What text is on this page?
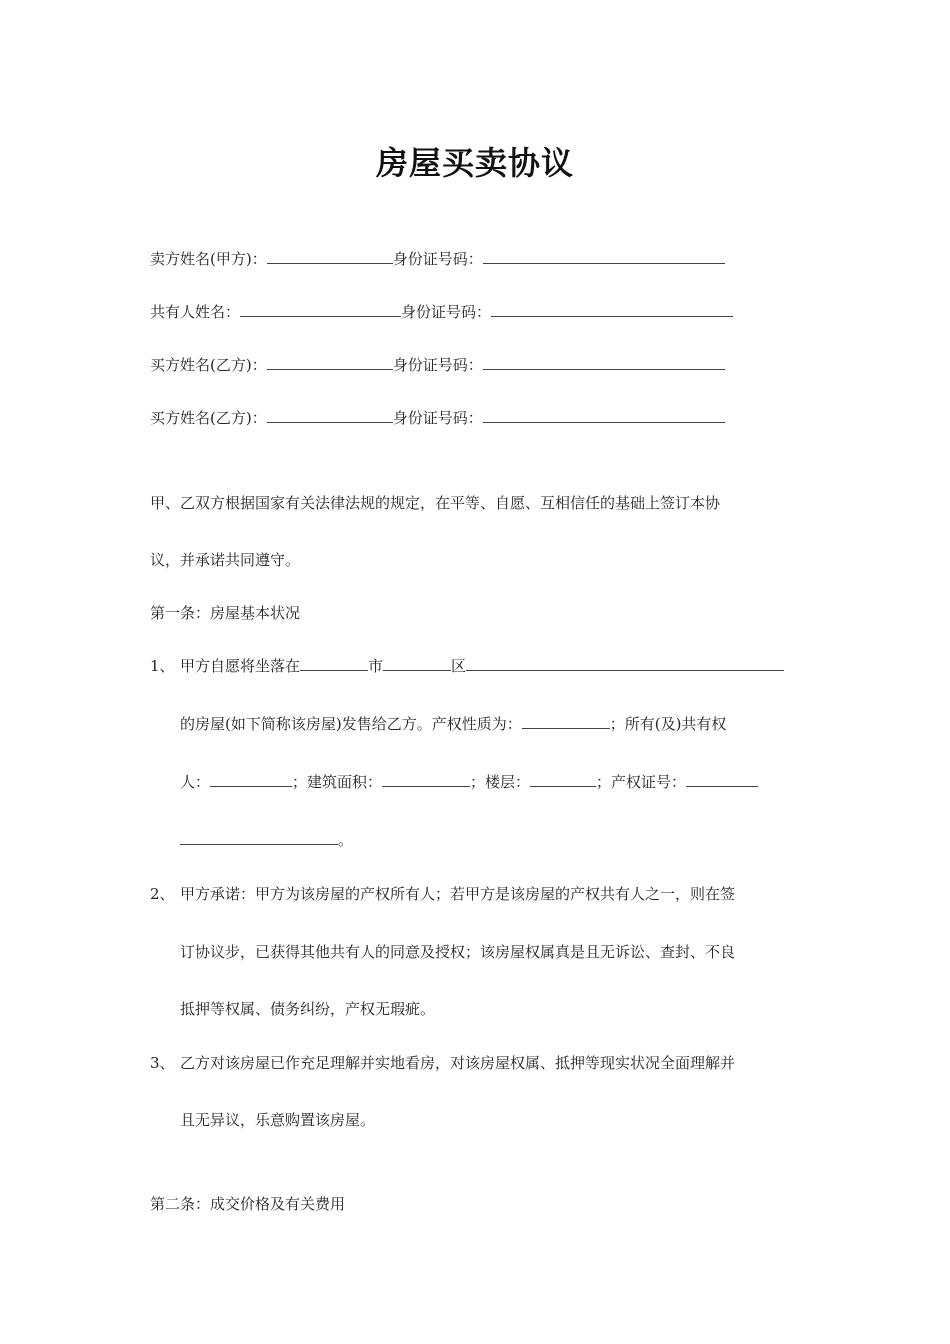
房屋买卖协议
卖方姓名(甲方)：	身份证号码：
共有人姓名：	身份证号码：
买方姓名(乙方)：	身份证号码：
买方姓名(乙方)：	身份证号码：
甲、乙双方根据国家有关法律法规的规定，在平等、自愿、互相信任的基础上签订本协
议，并承诺共同遵守。
第一条：房屋基本状况
1、 甲方自愿将坐落在	市	区
的房屋(如下简称该房屋)发售给乙方。产权性质为：	；所有(及)共有权
人：	；建筑面积：	；楼层：	；产权证号：
。
2、 甲方承诺：甲方为该房屋的产权所有人；若甲方是该房屋的产权共有人之一，则在签
订协议步，已获得其他共有人的同意及授权；该房屋权属真是且无诉讼、查封、不良
抵押等权属、债务纠纷，产权无瑕疵。
3、 乙方对该房屋已作充足理解并实地看房，对该房屋权属、抵押等现实状况全面理解并
且无异议，乐意购置该房屋。
第二条：成交价格及有关费用
